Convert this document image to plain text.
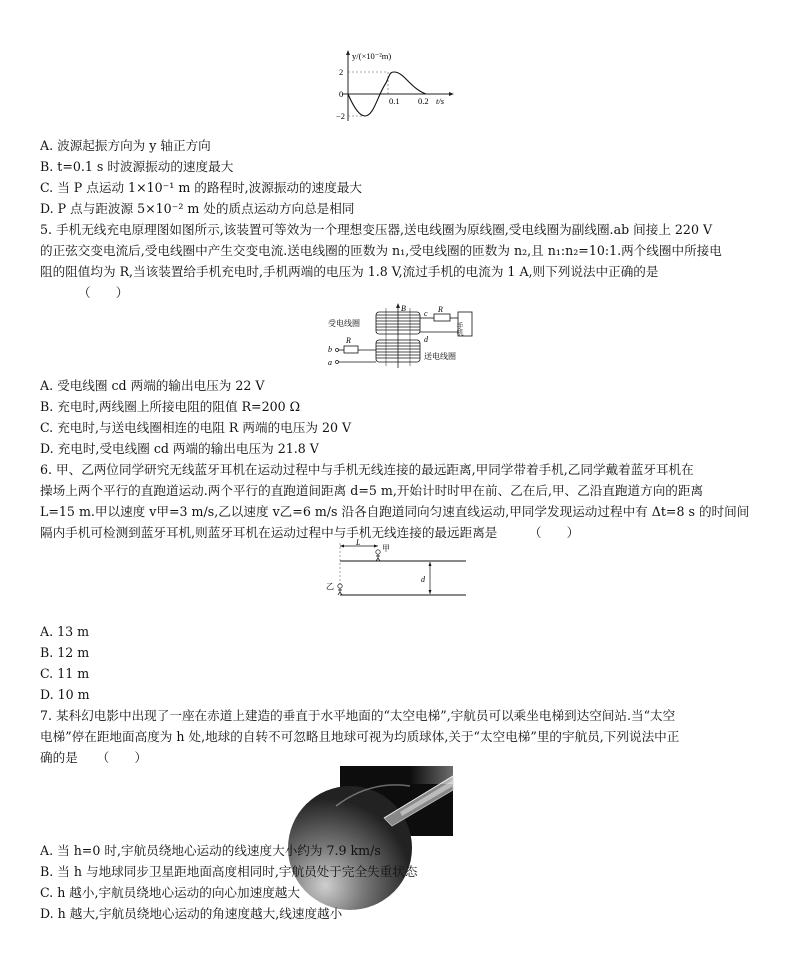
y/(×10⁻²m)
2
0
−2
0.1 0.2 t/s
A. 波源起振方向为 y 轴正方向
B. t=0.1 s 时波源振动的速度最大
C. 当 P 点运动 1×10⁻¹ m 的路程时,波源振动的速度最大
D. P 点与距波源 5×10⁻² m 处的质点运动方向总是相同
5. 手机无线充电原理图如图所示,该装置可等效为一个理想变压器,送电线圈为原线圈,受电线圈为副线圈.ab 间接上 220 V
的正弦交变电流后,受电线圈中产生交变电流.送电线圈的匝数为 n₁,受电线圈的匝数为 n₂,且 n₁:n₂=10:1.两个线圈中所接电
阻的阻值均为 R,当该装置给手机充电时,手机两端的电压为 1.8 V,流过手机的电流为 1 A,则下列说法中正确的是
（　　）
B
手机
c R
d
R
b
a
受电线圈
送电线圈
A. 受电线圈 cd 两端的输出电压为 22 V
B. 充电时,两线圈上所接电阻的阻值 R=200 Ω
C. 充电时,与送电线圈相连的电阻 R 两端的电压为 20 V
D. 充电时,受电线圈 cd 两端的输出电压为 21.8 V
6. 甲、乙两位同学研究无线蓝牙耳机在运动过程中与手机无线连接的最远距离,甲同学带着手机,乙同学戴着蓝牙耳机在
操场上两个平行的直跑道运动.两个平行的直跑道间距离 d=5 m,开始计时时甲在前、乙在后,甲、乙沿直跑道方向的距离
L=15 m.甲以速度 v甲=3 m/s,乙以速度 v乙=6 m/s 沿各自跑道同向匀速直线运动,甲同学发现运动过程中有 Δt=8 s 的时间间
隔内手机可检测到蓝牙耳机,则蓝牙耳机在运动过程中与手机无线连接的最远距离是　　　（　　）
L
d
甲
乙
A. 13 m
B. 12 m
C. 11 m
D. 10 m
7. 某科幻电影中出现了一座在赤道上建造的垂直于水平地面的“太空电梯”,宇航员可以乘坐电梯到达空间站.当“太空
电梯”停在距地面高度为 h 处,地球的自转不可忽略且地球可视为均质球体,关于“太空电梯”里的宇航员,下列说法中正
确的是　　（　　）
A. 当 h=0 时,宇航员绕地心运动的线速度大小约为 7.9 km/s
B. 当 h 与地球同步卫星距地面高度相同时,宇航员处于完全失重状态
C. h 越小,宇航员绕地心运动的向心加速度越大
D. h 越大,宇航员绕地心运动的角速度越大,线速度越小
